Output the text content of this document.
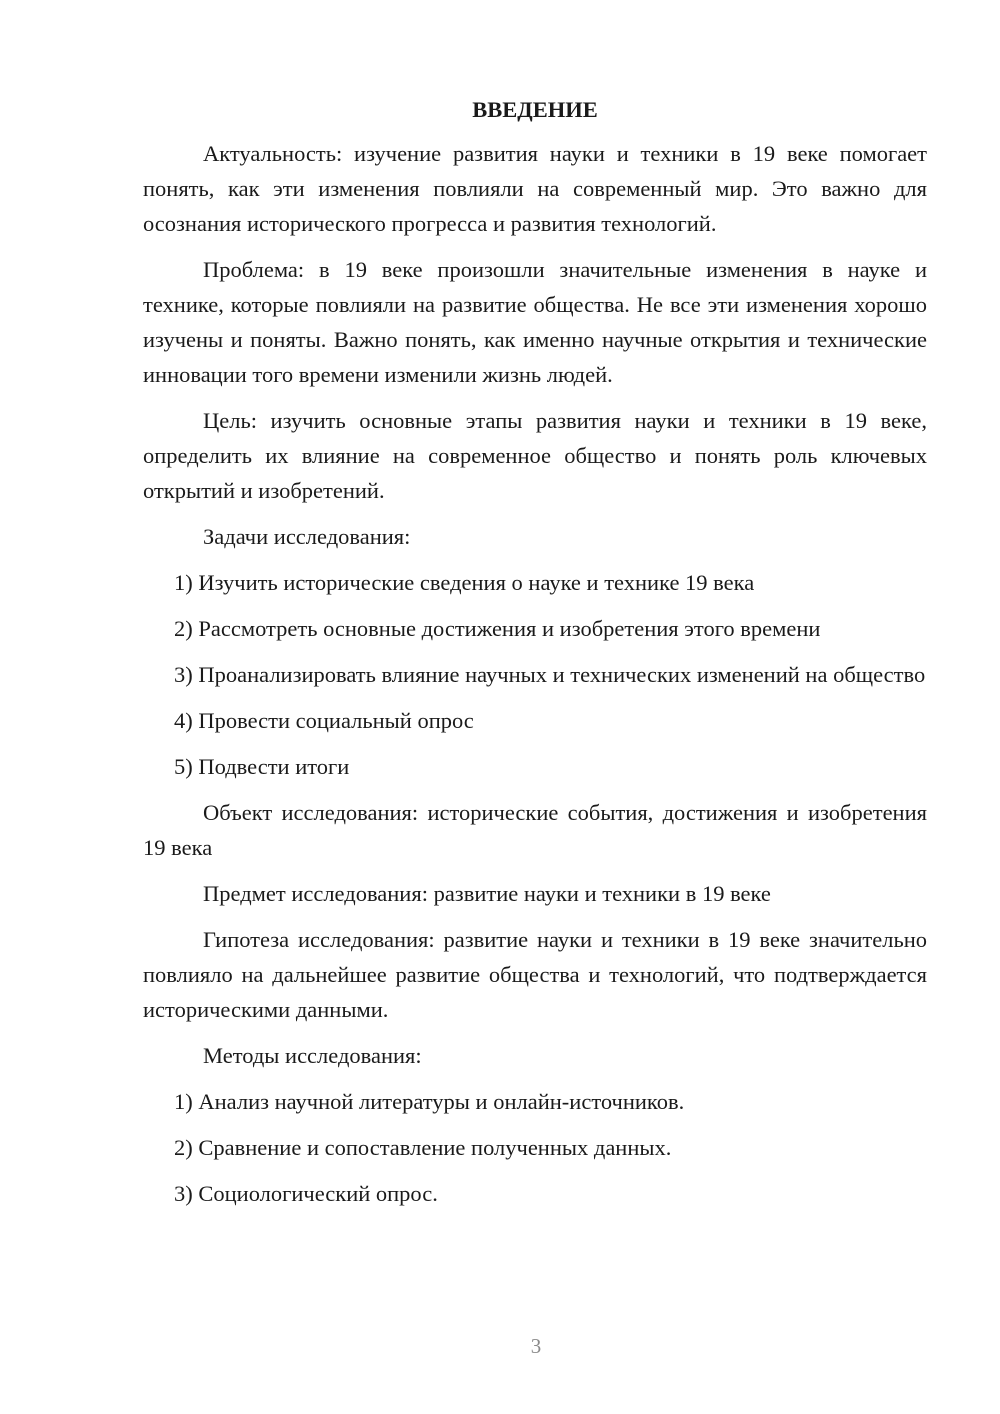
ВВЕДЕНИЕ

Актуальность: изучение развития науки и техники в 19 веке помогает понять, как эти изменения повлияли на современный мир. Это важно для осознания исторического прогресса и развития технологий.

Проблема: в 19 веке произошли значительные изменения в науке и технике, которые повлияли на развитие общества. Не все эти изменения хорошо изучены и поняты. Важно понять, как именно научные открытия и технические инновации того времени изменили жизнь людей.

Цель: изучить основные этапы развития науки и техники в 19 веке, определить их влияние на современное общество и понять роль ключевых открытий и изобретений.

Задачи исследования:

1) Изучить исторические сведения о науке и технике 19 века

2) Рассмотреть основные достижения и изобретения этого времени

3) Проанализировать влияние научных и технических изменений на общество

4) Провести социальный опрос

5) Подвести итоги

Объект исследования: исторические события, достижения и изобретения 19 века

Предмет исследования: развитие науки и техники в 19 веке

Гипотеза исследования: развитие науки и техники в 19 веке значительно повлияло на дальнейшее развитие общества и технологий, что подтверждается историческими данными.

Методы исследования:

1) Анализ научной литературы и онлайн-источников.

2) Сравнение и сопоставление полученных данных.

3) Социологический опрос.

3
